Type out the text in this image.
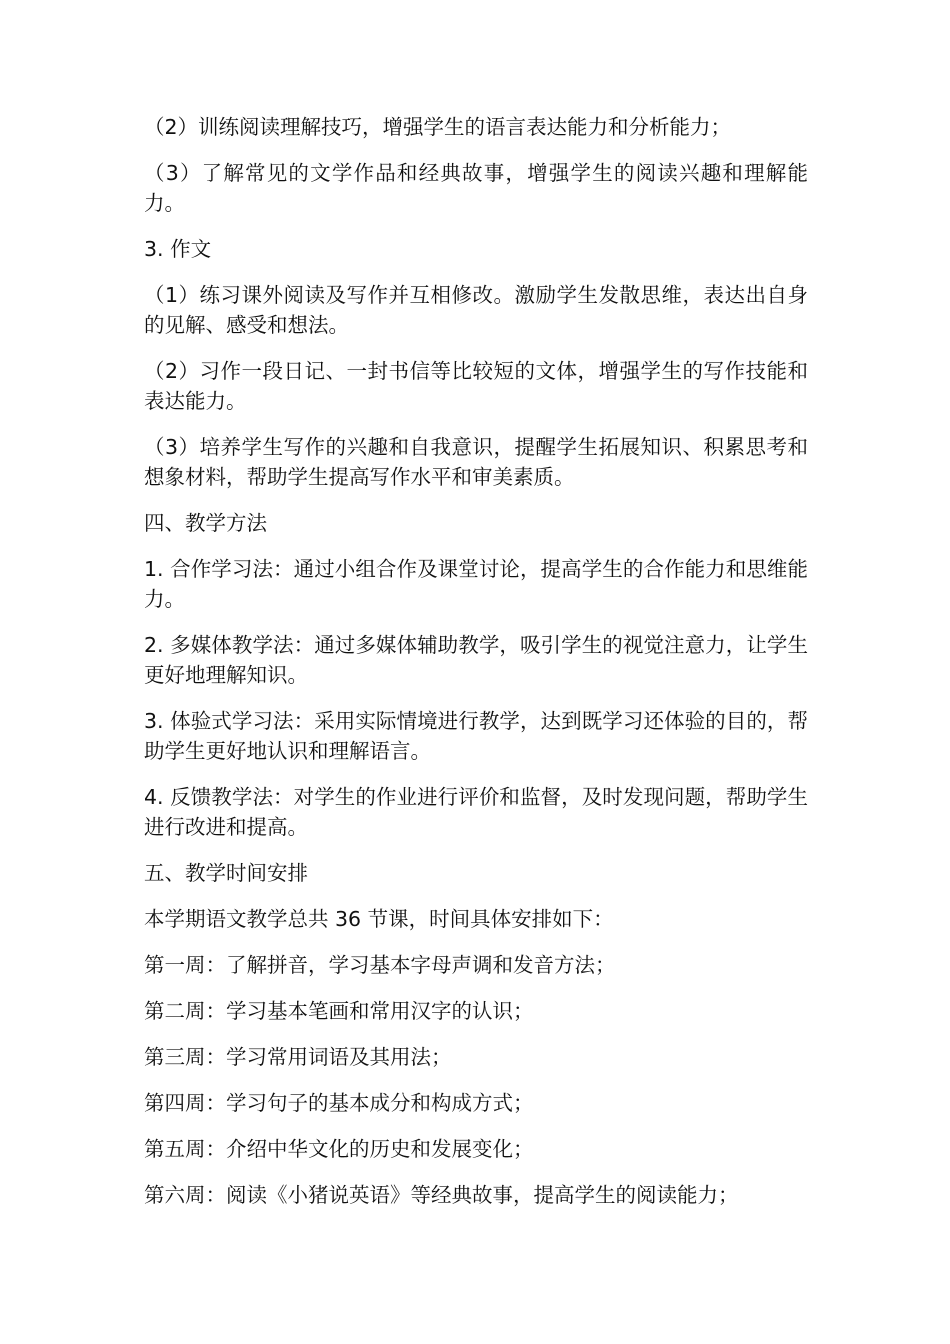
（2）训练阅读理解技巧，增强学生的语言表达能力和分析能力；

（3）了解常见的文学作品和经典故事，增强学生的阅读兴趣和理解能力。

3. 作文

（1）练习课外阅读及写作并互相修改。激励学生发散思维，表达出自身的见解、感受和想法。

（2）习作一段日记、一封书信等比较短的文体，增强学生的写作技能和表达能力。

（3）培养学生写作的兴趣和自我意识，提醒学生拓展知识、积累思考和想象材料，帮助学生提高写作水平和审美素质。

四、教学方法

1. 合作学习法：通过小组合作及课堂讨论，提高学生的合作能力和思维能力。

2. 多媒体教学法：通过多媒体辅助教学，吸引学生的视觉注意力，让学生更好地理解知识。

3. 体验式学习法：采用实际情境进行教学，达到既学习还体验的目的，帮助学生更好地认识和理解语言。

4. 反馈教学法：对学生的作业进行评价和监督，及时发现问题，帮助学生进行改进和提高。

五、教学时间安排

本学期语文教学总共 36 节课，时间具体安排如下：

第一周：了解拼音，学习基本字母声调和发音方法；

第二周：学习基本笔画和常用汉字的认识；

第三周：学习常用词语及其用法；

第四周：学习句子的基本成分和构成方式；

第五周：介绍中华文化的历史和发展变化；

第六周：阅读《小猪说英语》等经典故事，提高学生的阅读能力；
